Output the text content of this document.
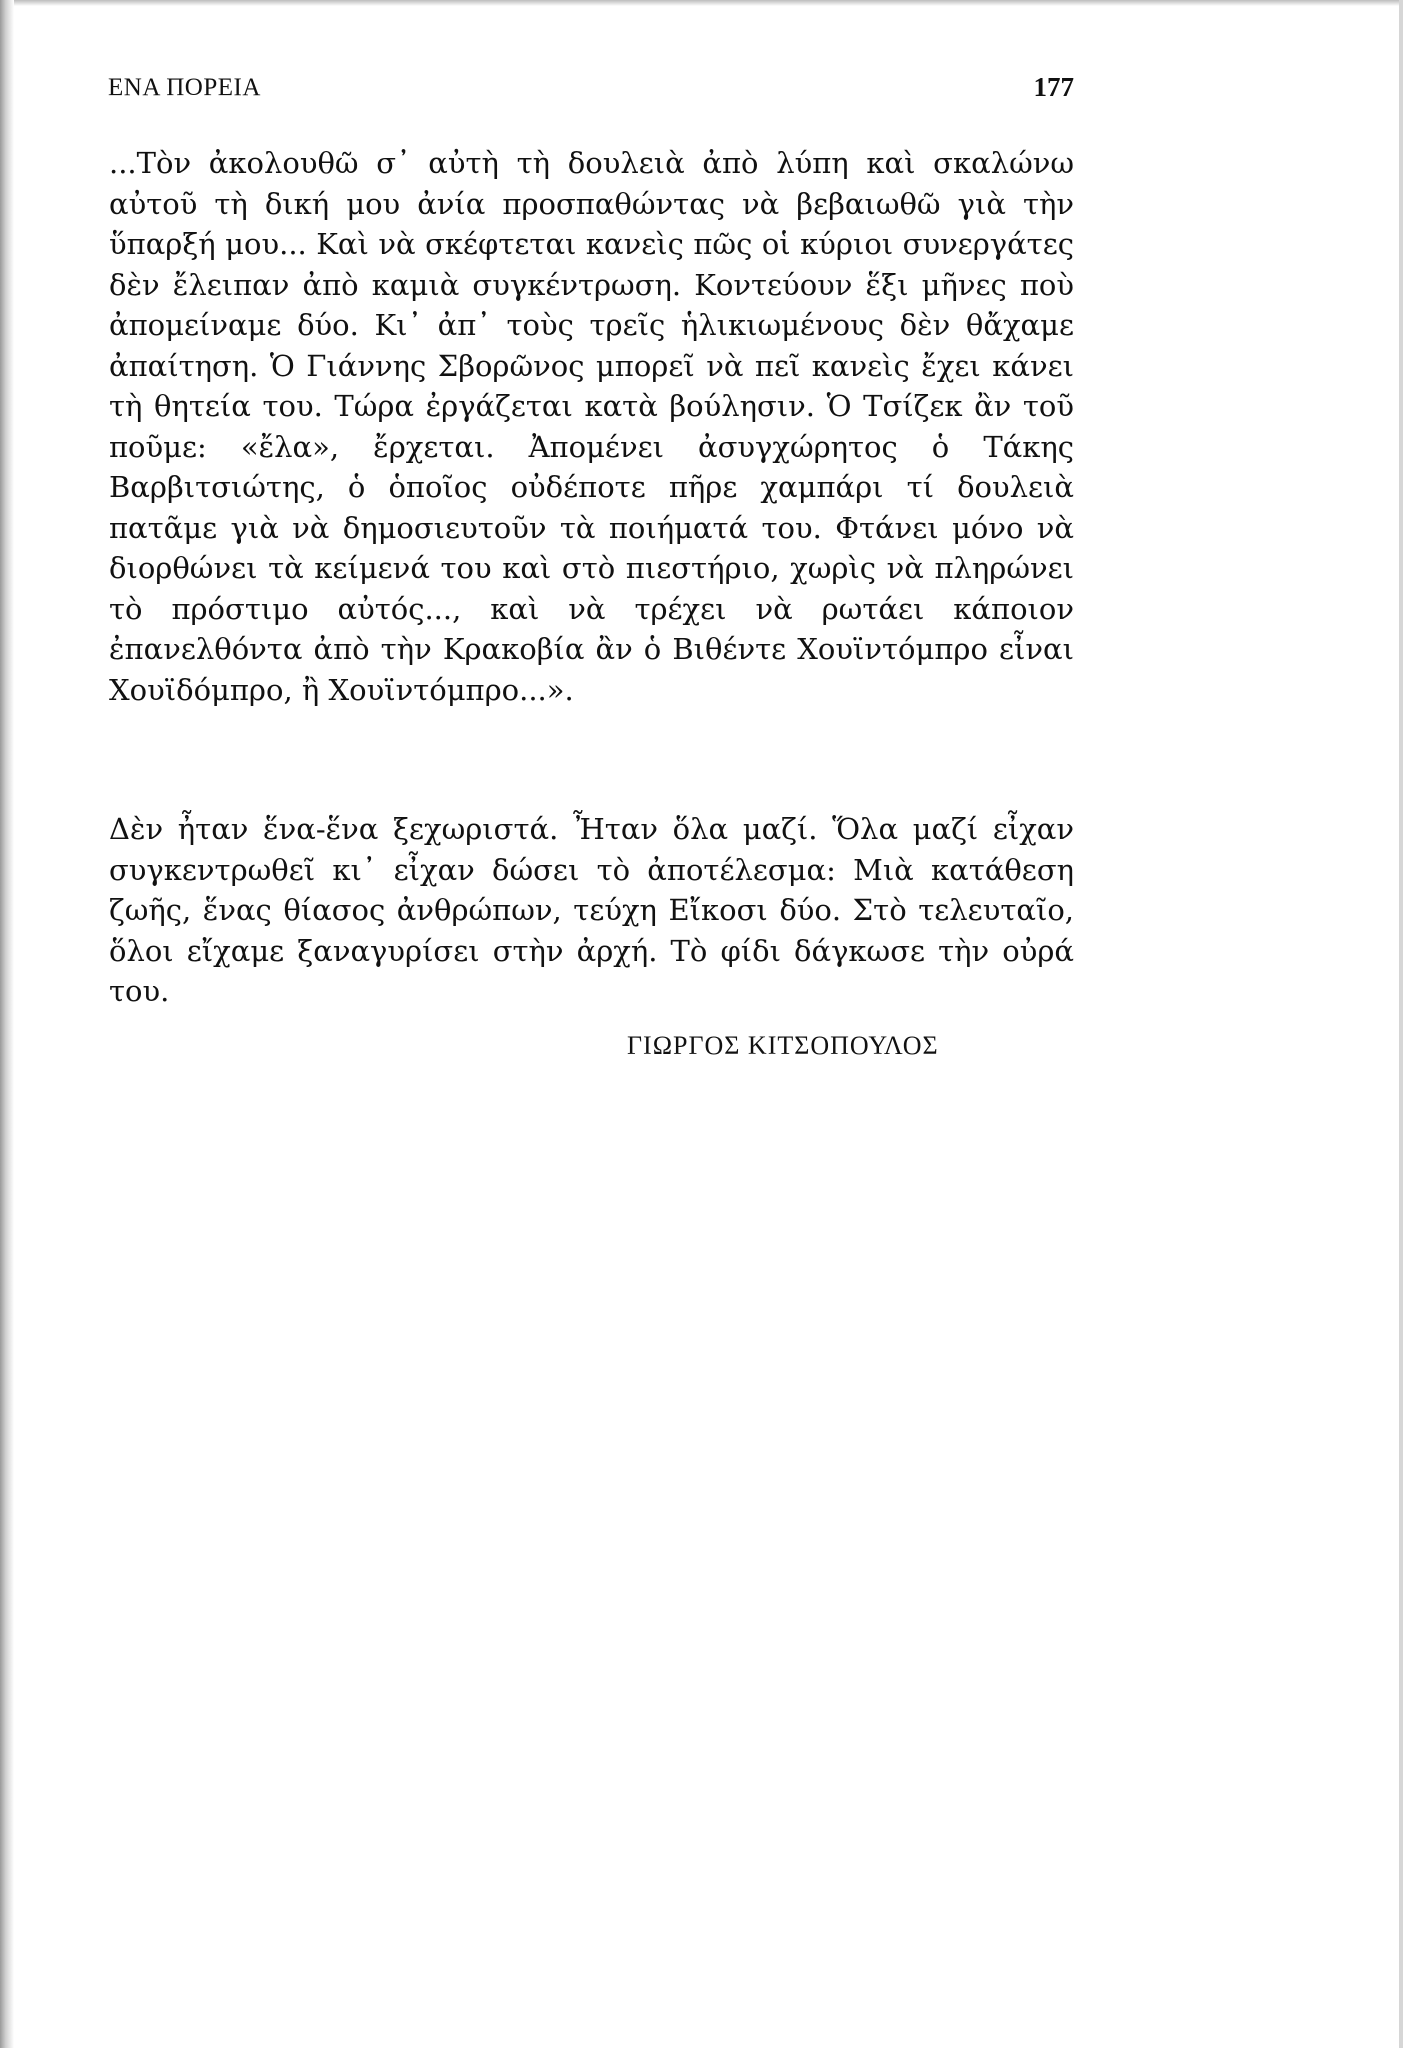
ΕΝΑ ΠΟΡΕΙΑ	177

...Τὸν ἀκολουθῶ σ᾽ αὐτὴ τὴ δουλειὰ ἀπὸ λύπη καὶ σκαλώνω αὐτοῦ τὴ δική μου ἀνία προσπαθώντας νὰ βεβαιωθῶ γιὰ τὴν ὕπαρξή μου... Καὶ νὰ σκέφτεται κανεὶς πῶς οἱ κύριοι συνεργάτες δὲν ἔλειπαν ἀπὸ καμιὰ συγκέντρωση. Κοντεύουν ἕξι μῆνες ποὺ ἀπομείναμε δύο. Κι᾽ ἀπ᾽ τοὺς τρεῖς ἡλικιωμένους δὲν θἄχαμε ἀπαίτηση. Ὁ Γιάννης Σβορῶνος μπορεῖ νὰ πεῖ κανεὶς ἔχει κάνει τὴ θητεία του. Τώρα ἐργάζεται κατὰ βούλησιν. Ὁ Τσίζεκ ἂν τοῦ ποῦμε: «ἔλα», ἔρχεται. Ἀπομένει ἀσυγχώρητος ὁ Τάκης Βαρβιτσιώτης, ὁ ὁποῖος οὐδέποτε πῆρε χαμπάρι τί δουλειὰ πατᾶμε γιὰ νὰ δημοσιευτοῦν τὰ ποιήματά του. Φτάνει μόνο νὰ διορθώνει τὰ κείμενά του καὶ στὸ πιεστήριο, χωρὶς νὰ πληρώνει τὸ πρόστιμο αὐτός..., καὶ νὰ τρέχει νὰ ρωτάει κάποιον ἐπανελθόντα ἀπὸ τὴν Κρακοβία ἂν ὁ Βιθέντε Χουϊντόμπρο εἶναι Χουϊδόμπρο, ἢ Χουϊντόμπρο...».

Δὲν ἦταν ἕνα-ἕνα ξεχωριστά. Ἦταν ὅλα μαζί. Ὅλα μαζί εἶχαν συγκεντρωθεῖ κι᾽ εἶχαν δώσει τὸ ἀποτέλεσμα: Μιὰ κατάθεση ζωῆς, ἕνας θίασος ἀνθρώπων, τεύχη Εἴκοσι δύο. Στὸ τελευταῖο, ὅλοι εἴχαμε ξαναγυρίσει στὴν ἀρχή. Τὸ φίδι δάγκωσε τὴν οὐρά του.

ΓΙΩΡΓΟΣ ΚΙΤΣΟΠΟΥΛΟΣ
